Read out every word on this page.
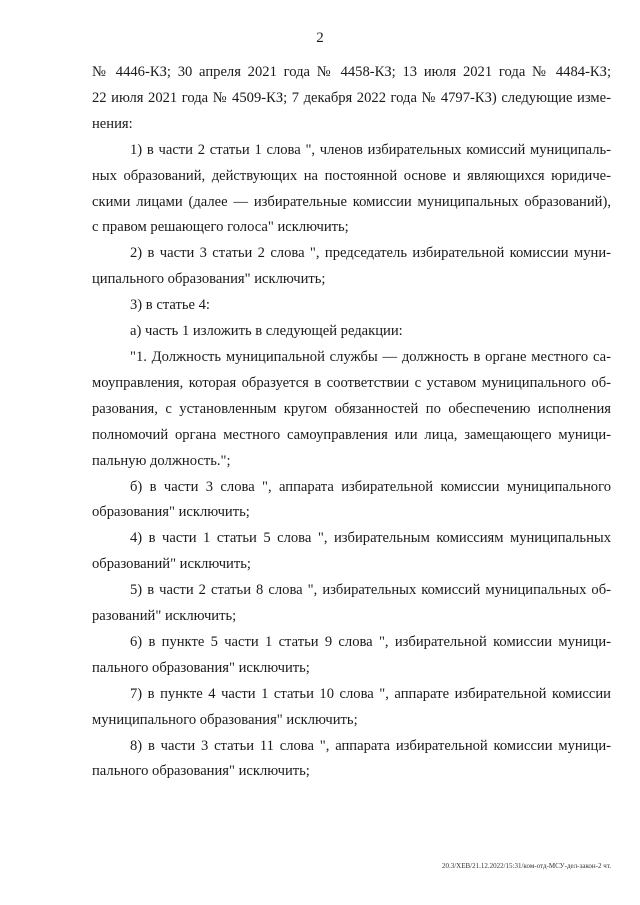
2
№ 4446-КЗ; 30 апреля 2021 года № 4458-КЗ; 13 июля 2021 года № 4484-КЗ;
22 июля 2021 года № 4509-КЗ; 7 декабря 2022 года № 4797-КЗ) следующие изме-
нения:
1) в части 2 статьи 1 слова ", членов избирательных комиссий муниципаль-
ных образований, действующих на постоянной основе и являющихся юридиче-
скими лицами (далее — избирательные комиссии муниципальных образований),
с правом решающего голоса" исключить;
2) в части 3 статьи 2 слова ", председатель избирательной комиссии муни-
ципального образования" исключить;
3) в статье 4:
а) часть 1 изложить в следующей редакции:
"1. Должность муниципальной службы — должность в органе местного са-
моуправления, которая образуется в соответствии с уставом муниципального об-
разования, с установленным кругом обязанностей по обеспечению исполнения
полномочий органа местного самоуправления или лица, замещающего муници-
пальную должность.";
б) в части 3 слова ", аппарата избирательной комиссии муниципального
образования" исключить;
4) в части 1 статьи 5 слова ", избирательным комиссиям муниципальных
образований" исключить;
5) в части 2 статьи 8 слова ", избирательных комиссий муниципальных об-
разований" исключить;
6) в пункте 5 части 1 статьи 9 слова ", избирательной комиссии муници-
пального образования" исключить;
7) в пункте 4 части 1 статьи 10 слова ", аппарате избирательной комиссии
муниципального образования" исключить;
8) в части 3 статьи 11 слова ", аппарата избирательной комиссии муници-
пального образования" исключить;
20.3/ХЕВ/21.12.2022/15:31/ком-отд-МСУ-дел-закон-2 чт.
